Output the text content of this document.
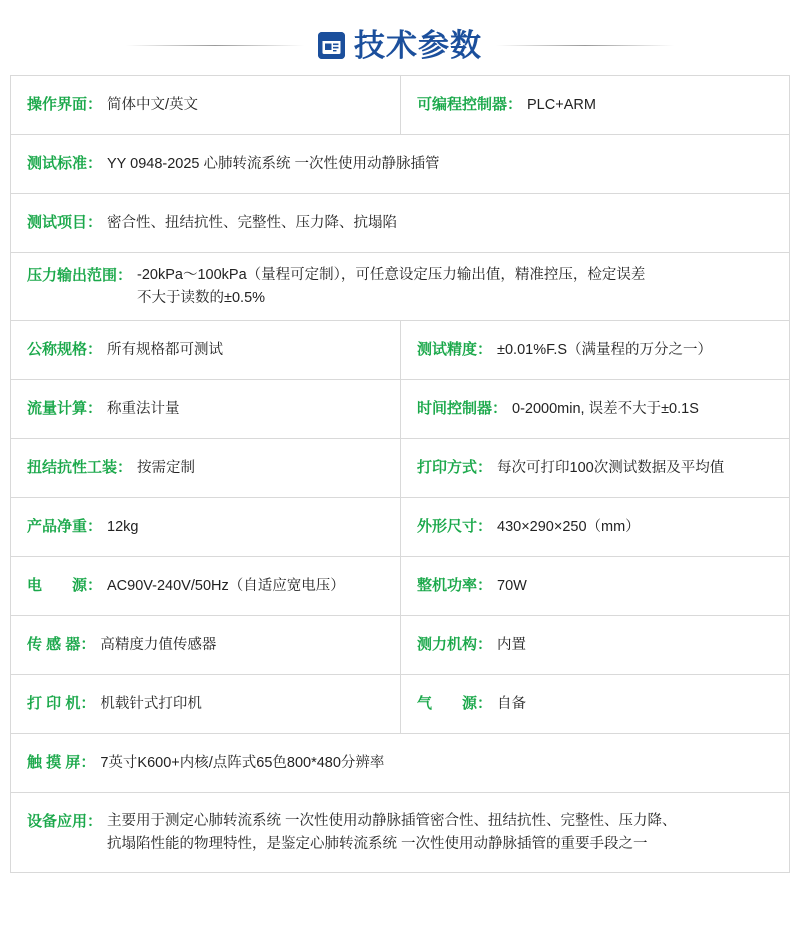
技术参数
操作界面： 简体中文/英文	可编程控制器： PLC+ARM
测试标准： YY 0948-2025 心肺转流系统 一次性使用动静脉插管
测试项目： 密合性、扭结抗性、完整性、压力降、抗塌陷
压力输出范围： -20kPa～100kPa（量程可定制），可任意设定压力输出值，精准控压，检定误差
不大于读数的±0.5%
公称规格： 所有规格都可测试	测试精度： ±0.01%F.S（满量程的万分之一）
流量计算： 称重法计量	时间控制器： 0-2000min, 误差不大于±0.1S
扭结抗性工装： 按需定制	打印方式： 每次可打印100次测试数据及平均值
产品净重： 12kg	外形尺寸： 430×290×250（mm）
电　　源： AC90V-240V/50Hz（自适应宽电压）	整机功率： 70W
传 感 器： 高精度力值传感器	测力机构： 内置
打 印 机： 机载针式打印机	气　　源： 自备
触 摸 屏： 7英寸K600+内核/点阵式65色800*480分辨率
设备应用： 主要用于测定心肺转流系统 一次性使用动静脉插管密合性、扭结抗性、完整性、压力降、
抗塌陷性能的物理特性，是鉴定心肺转流系统 一次性使用动静脉插管的重要手段之一
